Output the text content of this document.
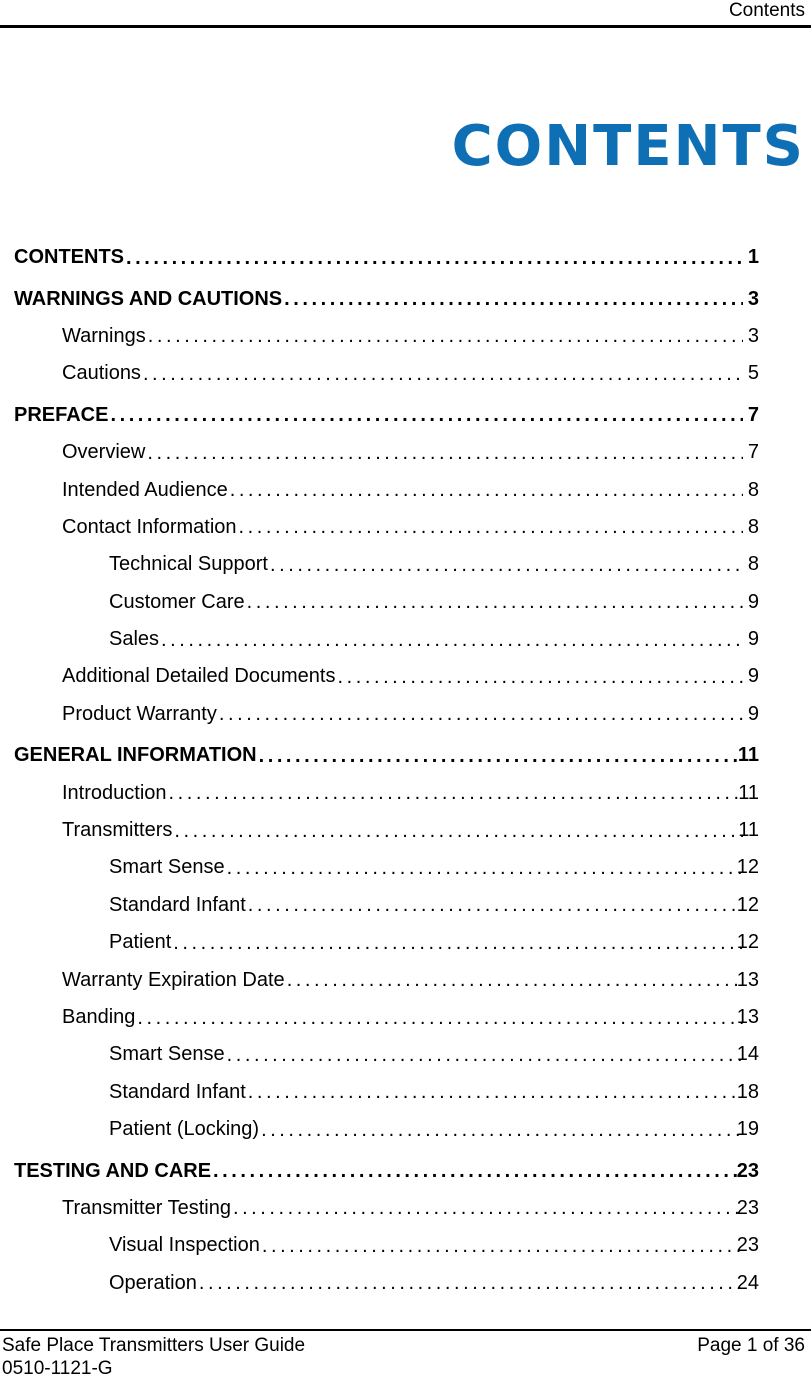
Contents
CONTENTS
CONTENTS . . .	1
WARNINGS AND CAUTIONS . . .	3
Warnings . . .	3
Cautions . . .	5
PREFACE . . .	7
Overview . . .	7
Intended Audience . . .	8
Contact Information . . .	8
Technical Support . . .	8
Customer Care . . .	9
Sales . . .	9
Additional Detailed Documents . . .	9
Product Warranty . . .	9
GENERAL INFORMATION . . .	11
Introduction . . .	11
Transmitters . . .	11
Smart Sense . . .	12
Standard Infant . . .	12
Patient . . .	12
Warranty Expiration Date . . .	13
Banding . . .	13
Smart Sense . . .	14
Standard Infant . . .	18
Patient (Locking) . . .	19
TESTING AND CARE . . .	23
Transmitter Testing . . .	23
Visual Inspection . . .	23
Operation . . .	24
Safe Place Transmitters User Guide
0510-1121-G
Page 1 of 36
